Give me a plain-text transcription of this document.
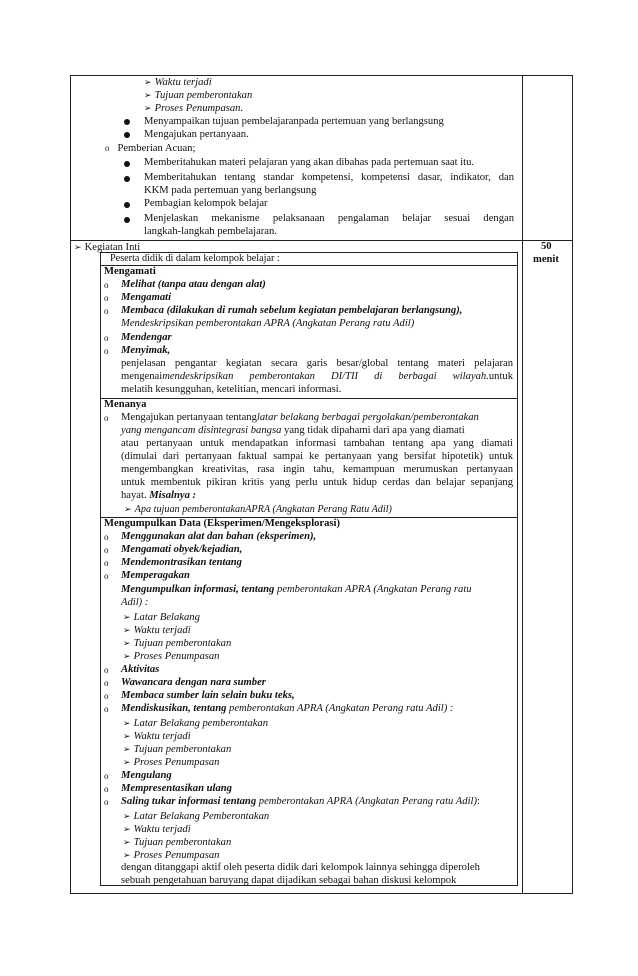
➢ Waktu terjadi
➢ Tujuan pemberontakan
➢ Proses Penumpasan.
Menyampaikan tujuan pembelajaranpada pertemuan yang berlangsung
Mengajukan pertanyaan.
o Pemberian Acuan;
Memberitahukan materi pelajaran yang akan dibahas pada pertemuan saat itu.
Memberitahukan tentang standar kompetensi, kompetensi dasar, indikator, dan
KKM pada pertemuan yang berlangsung
Pembagian kelompok belajar
Menjelaskan mekanisme pelaksanaan pengalaman belajar sesuai dengan
langkah-langkah pembelajaran.
➢ Kegiatan Inti	50
menit
Peserta didik di dalam kelompok belajar :
Mengamati
o Melihat (tanpa atau dengan alat)
o Mengamati
o Membaca (dilakukan di rumah sebelum kegiatan pembelajaran berlangsung),
Mendeskripsikan pemberontakan APRA (Angkatan Perang ratu Adil)
o Mendengar
o Menyimak,
penjelasan pengantar kegiatan secara garis besar/global tentang materi pelajaran
mengenai mendeskripsikan pemberontakan DI/TII di berbagai wilayah. untuk
melatih kesungguhan, ketelitian, mencari informasi.
Menanya
o Mengajukan pertanyaan tentang latar belakang berbagai pergolakan/pemberontakan
yang mengancam disintegrasi bangsa yang tidak dipahami dari apa yang diamati
atau pertanyaan untuk mendapatkan informasi tambahan tentang apa yang diamati
(dimulai dari pertanyaan faktual sampai ke pertanyaan yang bersifat hipotetik) untuk
mengembangkan kreativitas, rasa ingin tahu, kemampuan merumuskan pertanyaan
untuk membentuk pikiran kritis yang perlu untuk hidup cerdas dan belajar sepanjang
hayat. Misalnya :
➢ Apa tujuan pemberontakanAPRA (Angkatan Perang Ratu Adil)
Mengumpulkan Data (Eksperimen/Mengeksplorasi)
o Menggunakan alat dan bahan (eksperimen),
o Mengamati obyek/kejadian,
o Mendemontrasikan tentang
o Memperagakan
Mengumpulkan informasi, tentang pemberontakan APRA (Angkatan Perang ratu
Adil) :
➢ Latar Belakang
➢ Waktu terjadi
➢ Tujuan pemberontakan
➢ Proses Penumpasan
o Aktivitas
o Wawancara dengan nara sumber
o Membaca sumber lain selain buku teks,
o Mendiskusikan, tentang pemberontakan APRA (Angkatan Perang ratu Adil) :
➢ Latar Belakang pemberontakan
➢ Waktu terjadi
➢ Tujuan pemberontakan
➢ Proses Penumpasan
o Mengulang
o Mempresentasikan ulang
o Saling tukar informasi tentang pemberontakan APRA (Angkatan Perang ratu Adil):
➢ Latar Belakang Pemberontakan
➢ Waktu terjadi
➢ Tujuan pemberontakan
➢ Proses Penumpasan
dengan ditanggapi aktif oleh peserta didik dari kelompok lainnya sehingga diperoleh
sebuah pengetahuan baruyang dapat dijadikan sebagai bahan diskusi kelompok
